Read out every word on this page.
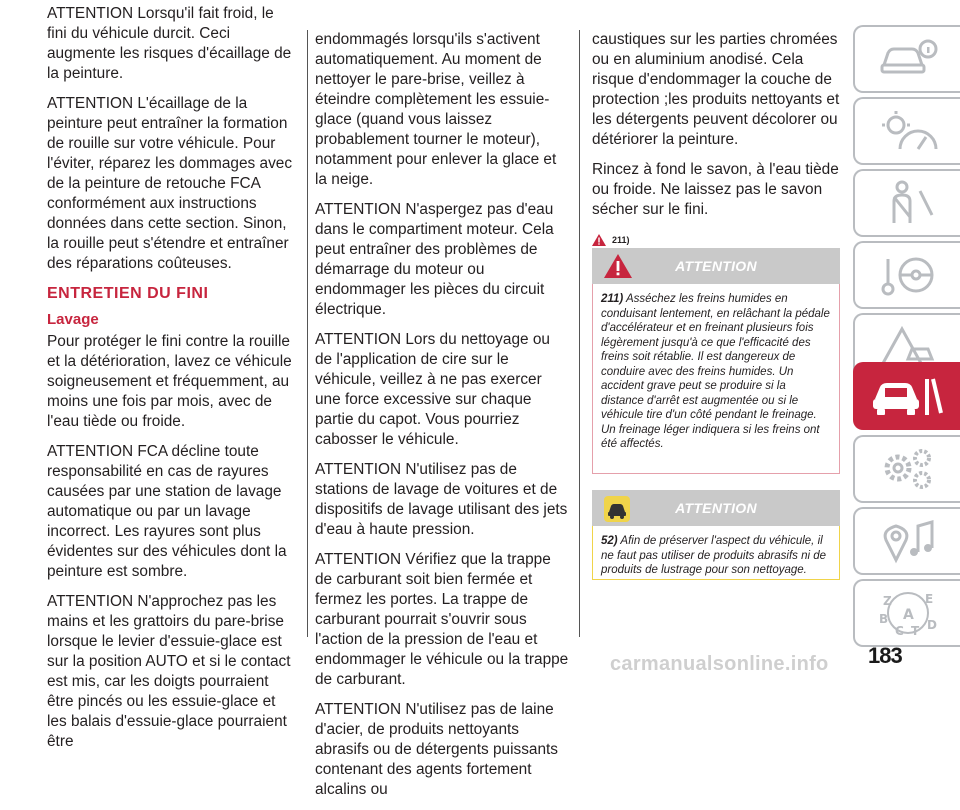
ATTENTION Lorsqu'il fait froid, le fini du véhicule durcit. Ceci augmente les risques d'écaillage de la peinture.

ATTENTION L'écaillage de la peinture peut entraîner la formation de rouille sur votre véhicule. Pour l'éviter, réparez les dommages avec de la peinture de retouche FCA conformément aux instructions données dans cette section. Sinon, la rouille peut s'étendre et entraîner des réparations coûteuses.

ENTRETIEN DU FINI
Lavage

Pour protéger le fini contre la rouille et la détérioration, lavez ce véhicule soigneusement et fréquemment, au moins une fois par mois, avec de l'eau tiède ou froide.

ATTENTION FCA décline toute responsabilité en cas de rayures causées par une station de lavage automatique ou par un lavage incorrect. Les rayures sont plus évidentes sur des véhicules dont la peinture est sombre.

ATTENTION N'approchez pas les mains et les grattoirs du pare-brise lorsque le levier d'essuie-glace est sur la position AUTO et si le contact est mis, car les doigts pourraient être pincés ou les essuie-glace et les balais d'essuie-glace pourraient être

endommagés lorsqu'ils s'activent automatiquement. Au moment de nettoyer le pare-brise, veillez à éteindre complètement les essuie-glace (quand vous laissez probablement tourner le moteur), notamment pour enlever la glace et la neige.

ATTENTION N'aspergez pas d'eau dans le compartiment moteur. Cela peut entraîner des problèmes de démarrage du moteur ou endommager les pièces du circuit électrique.

ATTENTION Lors du nettoyage ou de l'application de cire sur le véhicule, veillez à ne pas exercer une force excessive sur chaque partie du capot. Vous pourriez cabosser le véhicule.

ATTENTION N'utilisez pas de stations de lavage de voitures et de dispositifs de lavage utilisant des jets d'eau à haute pression.

ATTENTION Vérifiez que la trappe de carburant soit bien fermée et fermez les portes. La trappe de carburant pourrait s'ouvrir sous l'action de la pression de l'eau et endommager le véhicule ou la trappe de carburant.

ATTENTION N'utilisez pas de laine d'acier, de produits nettoyants abrasifs ou de détergents puissants contenant des agents fortement alcalins ou

caustiques sur les parties chromées ou en aluminium anodisé. Cela risque d'endommager la couche de protection ;les produits nettoyants et les détergents peuvent décolorer ou détériorer la peinture.

Rincez à fond le savon, à l'eau tiède ou froide. Ne laissez pas le savon sécher sur le fini.

211)
ATTENTION
211) Asséchez les freins humides en conduisant lentement, en relâchant la pédale d'accélérateur et en freinant plusieurs fois légèrement jusqu'à ce que l'efficacité des freins soit rétablie. Il est dangereux de conduire avec des freins humides. Un accident grave peut se produire si la distance d'arrêt est augmentée ou si le véhicule tire d'un côté pendant le freinage. Un freinage léger indiquera si les freins ont été affectés.
ATTENTION
52) Afin de préserver l'aspect du véhicule, il ne faut pas utiliser de produits abrasifs ni de produits de lustrage pour son nettoyage.
Z	E
B A
C T D
carmanualsonline.info 183
